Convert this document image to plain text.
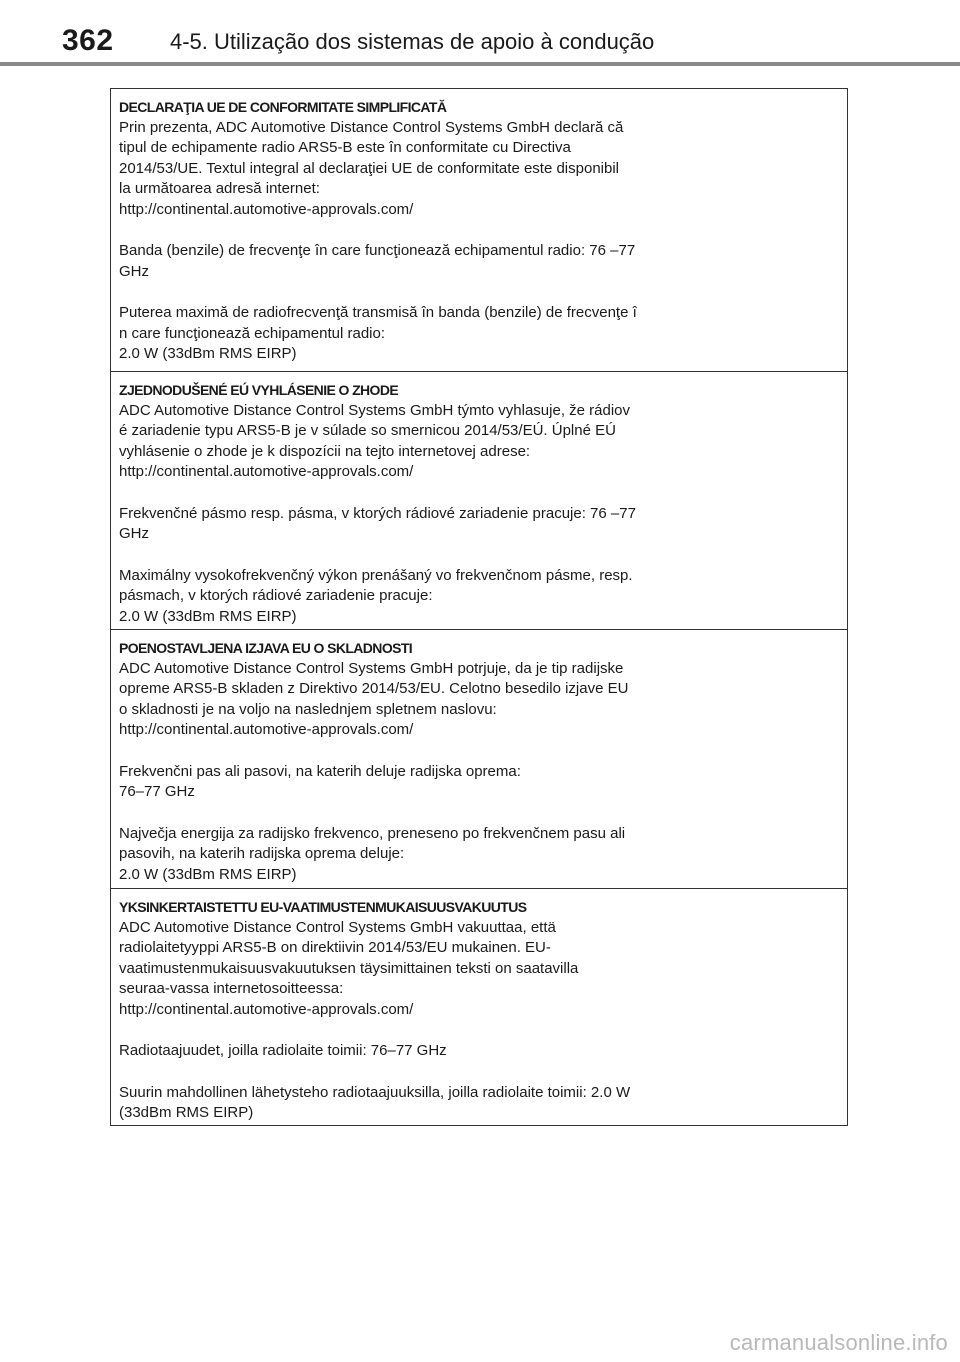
362	4-5. Utilização dos sistemas de apoio à condução
DECLARAŢIA UE DE CONFORMITATE SIMPLIFICATĂ

Prin prezenta, ADC Automotive Distance Control Systems GmbH declară că
tipul de echipamente radio ARS5-B este în conformitate cu Directiva
2014/53/UE. Textul integral al declaraţiei UE de conformitate este disponibil
la următoarea adresă internet:
http://continental.automotive-approvals.com/

Banda (benzile) de frecvenţe în care funcţionează echipamentul radio: 76 –77
GHz

Puterea maximă de radiofrecvenţă transmisă în banda (benzile) de frecvenţe î
n care funcţionează echipamentul radio:
2.0 W (33dBm RMS EIRP)

ZJEDNODUŠENÉ EÚ VYHLÁSENIE O ZHODE

ADC Automotive Distance Control Systems GmbH týmto vyhlasuje, že rádiov
é zariadenie typu ARS5-B je v súlade so smernicou 2014/53/EÚ. Úplné EÚ
vyhlásenie o zhode je k dispozícii na tejto internetovej adrese:
http://continental.automotive-approvals.com/

Frekvenčné pásmo resp. pásma, v ktorých rádiové zariadenie pracuje: 76 –77
GHz

Maximálny vysokofrekvenčný výkon prenášaný vo frekvenčnom pásme, resp.
pásmach, v ktorých rádiové zariadenie pracuje:
2.0 W (33dBm RMS EIRP)

POENOSTAVLJENA IZJAVA EU O SKLADNOSTI

ADC Automotive Distance Control Systems GmbH potrjuje, da je tip radijske
opreme ARS5-B skladen z Direktivo 2014/53/EU. Celotno besedilo izjave EU
o skladnosti je na voljo na naslednjem spletnem naslovu:
http://continental.automotive-approvals.com/

Frekvenčni pas ali pasovi, na katerih deluje radijska oprema:
76–77 GHz

Največja energija za radijsko frekvenco, preneseno po frekvenčnem pasu ali
pasovih, na katerih radijska oprema deluje:
2.0 W (33dBm RMS EIRP)

YKSINKERTAISTETTU EU-VAATIMUSTENMUKAISUUSVAKUUTUS

ADC Automotive Distance Control Systems GmbH vakuuttaa, että
radiolaitetyyppi ARS5-B on direktiivin 2014/53/EU mukainen. EU-
vaatimustenmukaisuusvakuutuksen täysimittainen teksti on saatavilla
seuraa-vassa internetosoitteessa:
http://continental.automotive-approvals.com/

Radiotaajuudet, joilla radiolaite toimii: 76–77 GHz

Suurin mahdollinen lähetysteho radiotaajuuksilla, joilla radiolaite toimii: 2.0 W
(33dBm RMS EIRP)

carmanualsonline.info
